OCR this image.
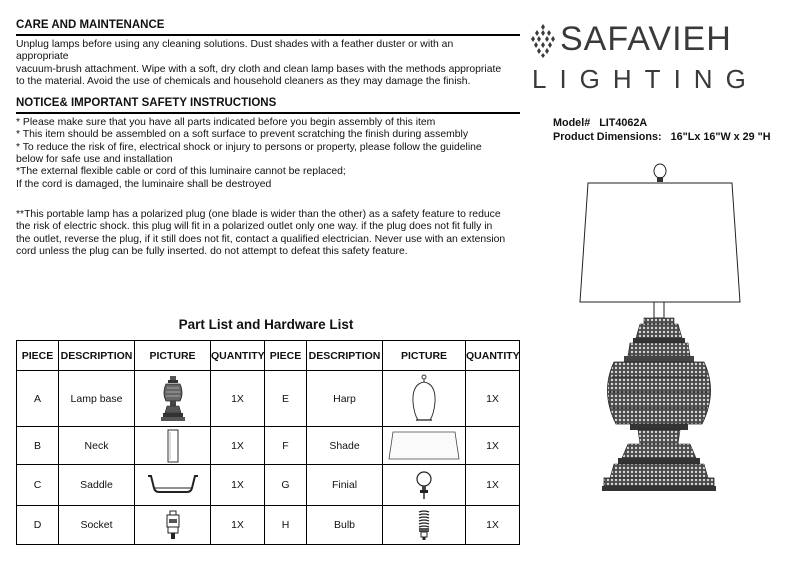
CARE AND MAINTENANCE
Unplug lamps before using any cleaning solutions. Dust shades with a feather duster or with an
appropriate
vacuum-brush attachment. Wipe with a soft, dry cloth and clean lamp bases with the methods appropriate
to the material. Avoid the use of chemicals and household cleaners as they may damage the finish.
NOTICE& IMPORTANT SAFETY INSTRUCTIONS
* Please make sure that you have all parts indicated before you begin assembly of this item
* This item should be assembled on a soft surface to prevent scratching the finish during assembly
* To reduce the risk of fire, electrical shock or injury to persons or property, please follow the guideline
below for safe use and installation
*The external flexible cable or cord of this luminaire cannot be replaced;
If the cord is damaged, the luminaire shall be destroyed
**This portable lamp has a polarized plug (one blade is wider than the other) as a safety feature to reduce
the risk of electric shock. this plug will fit in a polarized outlet only one way. if the plug does not fit fully in
the outlet, reverse the plug, if it still does not fit, contact a qualified electrician. Never use with an extension
cord unless the plug can be fully inserted. do not attempt to defeat this safety feature.
Part List and Hardware List
PIECE	DESCRIPTION	PICTURE	QUANTITY	PIECE	DESCRIPTION	PICTURE	QUANTITY
A	Lamp base		1X	E	Harp		1X
B	Neck		1X	F	Shade		1X
C	Saddle		1X	G	Finial		1X
D	Socket		1X	H	Bulb		1X
SAFAVIEH
LIGHTING
Model# LIT4062A
Product Dimensions: 16"Lx 16"W x 29 "H
